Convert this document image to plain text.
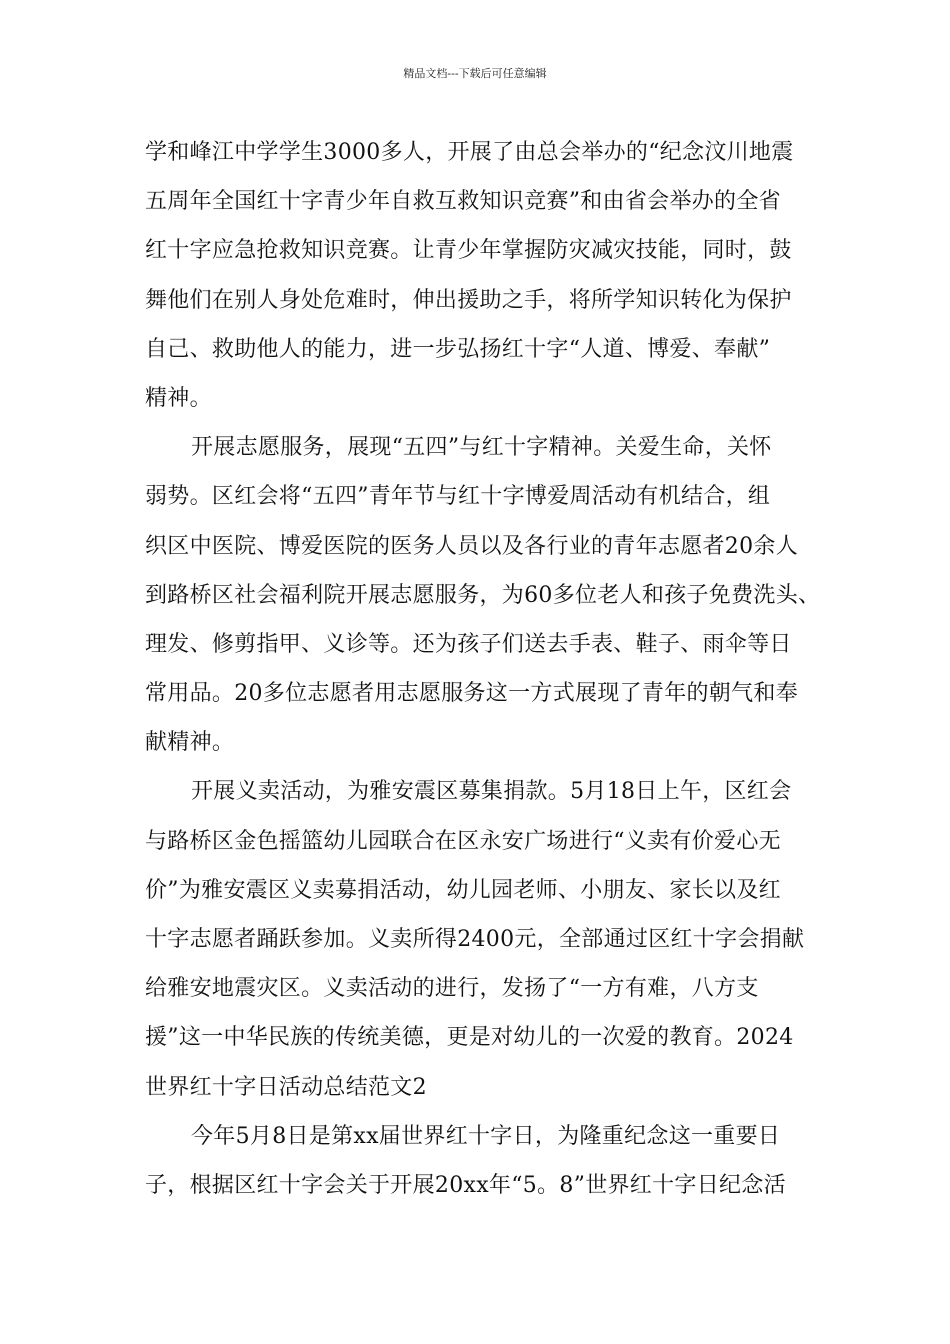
精品文档---下载后可任意编辑
学和峰江中学学生3000多人，开展了由总会举办的“纪念汶川地震
五周年全国红十字青少年自救互救知识竞赛”和由省会举办的全省
红十字应急抢救知识竞赛。让青少年掌握防灾减灾技能，同时，鼓
舞他们在别人身处危难时，伸出援助之手，将所学知识转化为保护
自己、救助他人的能力，进一步弘扬红十字“人道、博爱、奉献”
精神。
开展志愿服务，展现“五四”与红十字精神。关爱生命，关怀
弱势。区红会将“五四”青年节与红十字博爱周活动有机结合，组
织区中医院、博爱医院的医务人员以及各行业的青年志愿者20余人
到路桥区社会福利院开展志愿服务，为60多位老人和孩子免费洗头、
理发、修剪指甲、义诊等。还为孩子们送去手表、鞋子、雨伞等日
常用品。20多位志愿者用志愿服务这一方式展现了青年的朝气和奉
献精神。
开展义卖活动，为雅安震区募集捐款。5月18日上午，区红会
与路桥区金色摇篮幼儿园联合在区永安广场进行“义卖有价爱心无
价”为雅安震区义卖募捐活动，幼儿园老师、小朋友、家长以及红
十字志愿者踊跃参加。义卖所得2400元，全部通过区红十字会捐献
给雅安地震灾区。义卖活动的进行，发扬了“一方有难，八方支
援”这一中华民族的传统美德，更是对幼儿的一次爱的教育。2024
世界红十字日活动总结范文2
今年5月8日是第xx届世界红十字日，为隆重纪念这一重要日
子，根据区红十字会关于开展20xx年“5。8”世界红十字日纪念活
